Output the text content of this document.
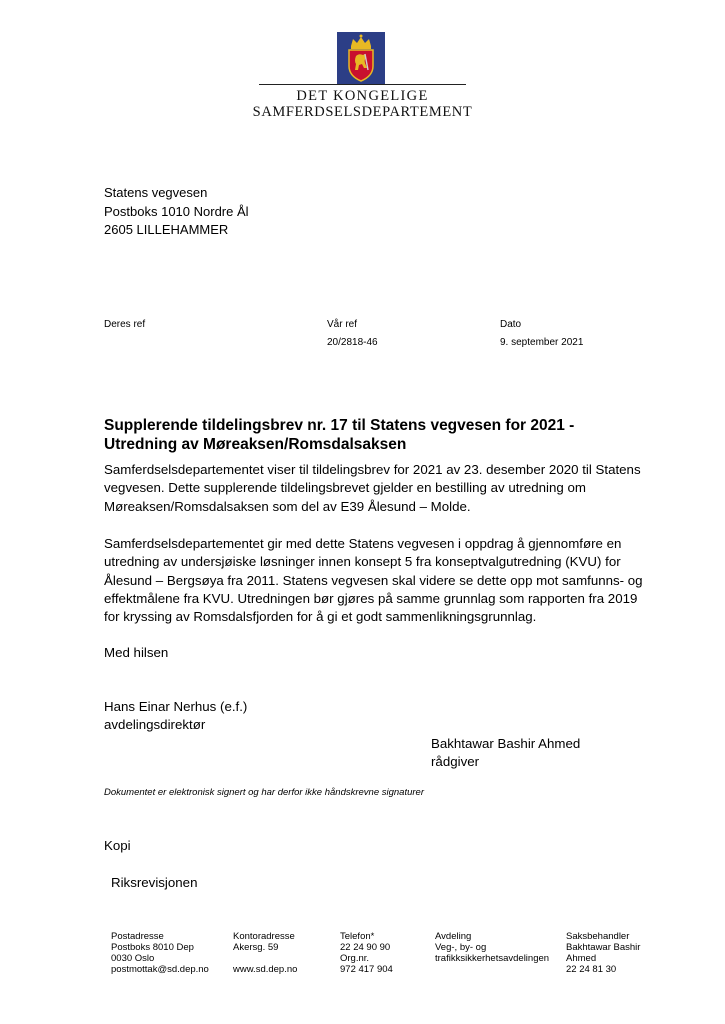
DET KONGELIGE
SAMFERDSELSDEPARTEMENT
Statens vegvesen
Postboks 1010 Nordre Ål
2605 LILLEHAMMER
Deres ref	Vår ref
20/2818-46
Dato
9. september 2021
Supplerende tildelingsbrev nr. 17 til Statens vegvesen for 2021 -
Utredning av Møreaksen/Romsdalsaksen
Samferdselsdepartementet viser til tildelingsbrev for 2021 av 23. desember 2020 til Statens
vegvesen. Dette supplerende tildelingsbrevet gjelder en bestilling av utredning om
Møreaksen/Romsdalsaksen som del av E39 Ålesund – Molde.
Samferdselsdepartementet gir med dette Statens vegvesen i oppdrag å gjennomføre en
utredning av undersjøiske løsninger innen konsept 5 fra konseptvalgutredning (KVU) for
Ålesund – Bergsøya fra 2011. Statens vegvesen skal videre se dette opp mot samfunns- og
effektmålene fra KVU. Utredningen bør gjøres på samme grunnlag som rapporten fra 2019
for kryssing av Romsdalsfjorden for å gi et godt sammenlikningsgrunnlag.
Med hilsen
Hans Einar Nerhus (e.f.)
avdelingsdirektør
Bakhtawar Bashir Ahmed
rådgiver
Dokumentet er elektronisk signert og har derfor ikke håndskrevne signaturer
Kopi
Riksrevisjonen
Postadresse
Postboks 8010 Dep
0030 Oslo
postmottak@sd.dep.no
Kontoradresse
Akersg. 59
www.sd.dep.no
Telefon*
22 24 90 90
Org.nr.
972 417 904
Avdeling
Veg-, by- og
trafikksikkerhetsavdelingen
Saksbehandler
Bakhtawar Bashir
Ahmed
22 24 81 30
